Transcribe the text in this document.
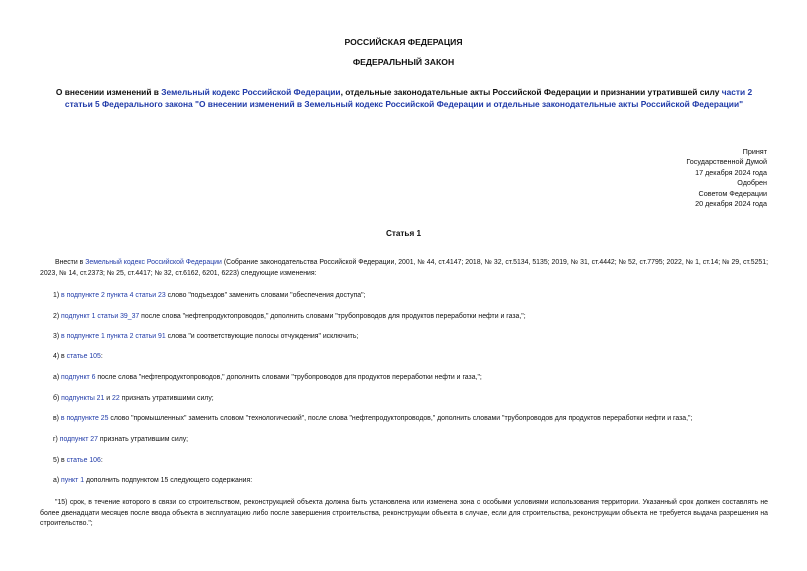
РОССИЙСКАЯ ФЕДЕРАЦИЯ
ФЕДЕРАЛЬНЫЙ ЗАКОН
О внесении изменений в Земельный кодекс Российской Федерации, отдельные законодательные акты Российской Федерации и признании утратившей силу части 2 статьи 5 Федерального закона "О внесении изменений в Земельный кодекс Российской Федерации и отдельные законодательные акты Российской Федерации"
Принят
Государственной Думой
17 декабря 2024 года
Одобрен
Советом Федерации
20 декабря 2024 года
Статья 1
Внести в Земельный кодекс Российской Федерации (Собрание законодательства Российской Федерации, 2001, № 44, ст.4147; 2018, № 32, ст.5134, 5135; 2019, № 31, ст.4442; № 52, ст.7795; 2022, № 1, ст.14; № 29, ст.5251; 2023, № 14, ст.2373; № 25, ст.4417; № 32, ст.6162, 6201, 6223) следующие изменения:
1) в подпункте 2 пункта 4 статьи 23 слово "подъездов" заменить словами "обеспечения доступа";
2) подпункт 1 статьи 39_37 после слова "нефтепродуктопроводов," дополнить словами "трубопроводов для продуктов переработки нефти и газа,";
3) в подпункте 1 пункта 2 статьи 91 слова "и соответствующие полосы отчуждения" исключить;
4) в статье 105:
а) подпункт 6 после слова "нефтепродуктопроводов," дополнить словами "трубопроводов для продуктов переработки нефти и газа,";
б) подпункты 21 и 22 признать утратившими силу;
в) в подпункте 25 слово "промышленных" заменить словом "технологический", после слова "нефтепродуктопроводов," дополнить словами "трубопроводов для продуктов переработки нефти и газа,";
г) подпункт 27 признать утратившим силу;
5) в статье 106:
а) пункт 1 дополнить подпунктом 15 следующего содержания:
"15) срок, в течение которого в связи со строительством, реконструкцией объекта должна быть установлена или изменена зона с особыми условиями использования территории. Указанный срок должен составлять не более двенадцати месяцев после ввода объекта в эксплуатацию либо после завершения строительства, реконструкции объекта в случае, если для строительства, реконструкции объекта не требуется выдача разрешения на строительство.";
